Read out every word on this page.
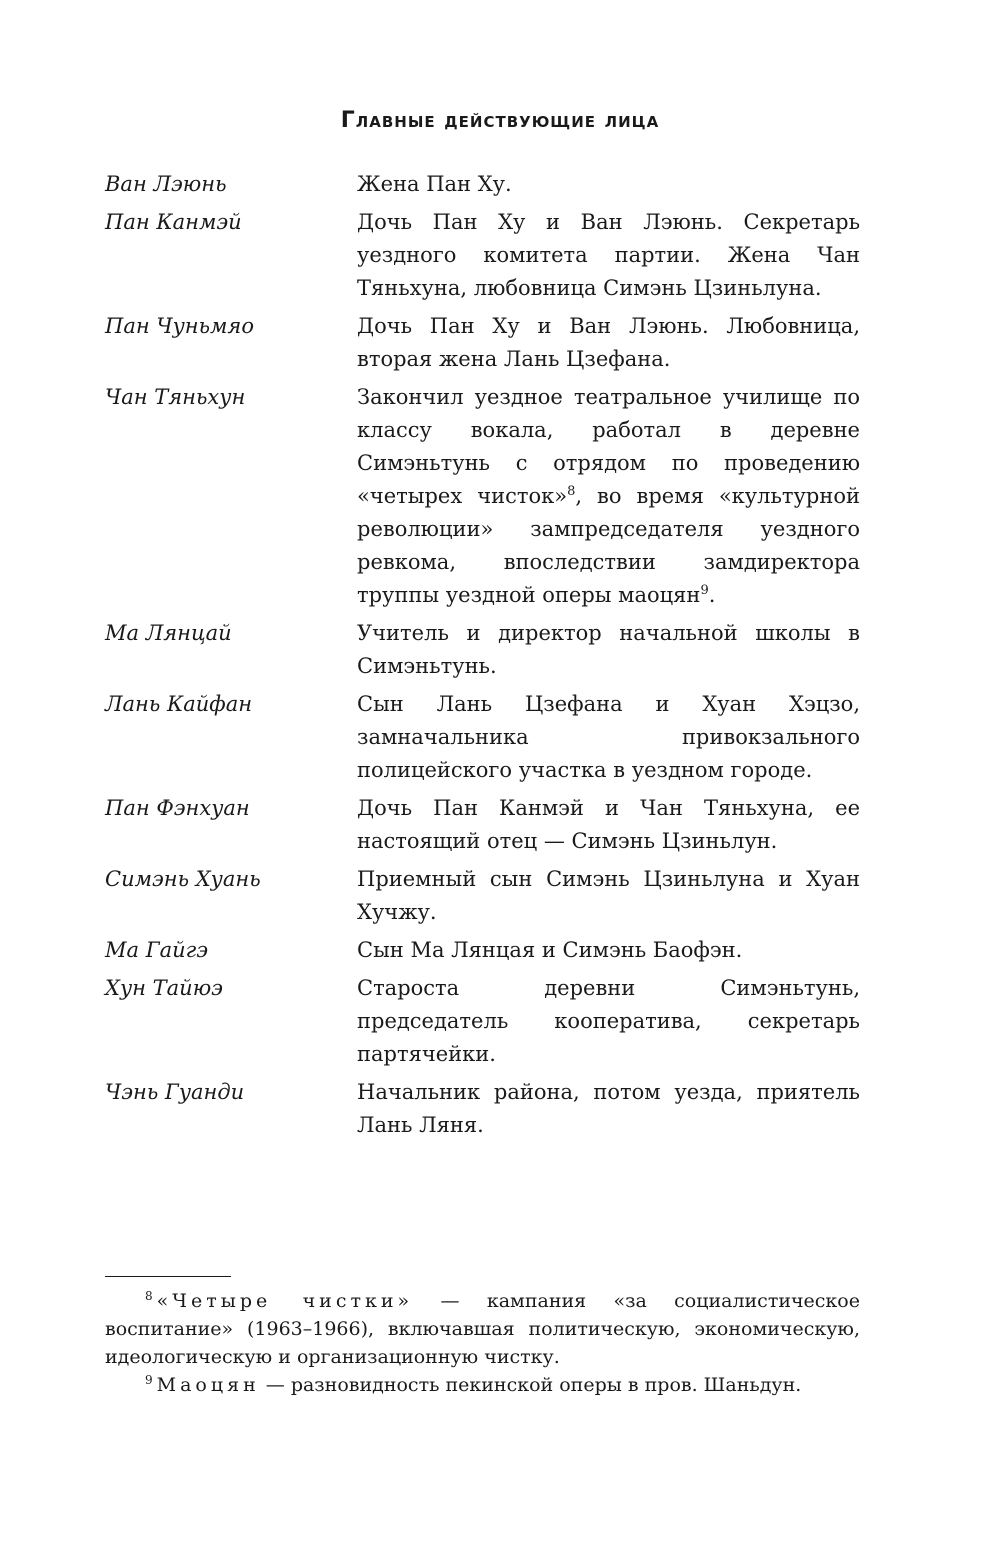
Главные действующие лица
Ван Лэюнь	Жена Пан Ху.
Пан Канмэй	Дочь Пан Ху и Ван Лэюнь. Секретарь уездного комитета партии. Жена Чан Тяньхуна, любовница Симэнь Цзиньлуна.
Пан Чуньмяо	Дочь Пан Ху и Ван Лэюнь. Любовница, вторая жена Лань Цзефана.
Чан Тяньхун	Закончил уездное театральное училище по классу вокала, работал в деревне Симэньтунь с отрядом по проведению «четырех чисток»$^8$, во время «культурной революции» зампредседателя уездного ревкома, впоследствии замдиректора труппы уездной оперы маоцян$^9$.
Ма Лянцай	Учитель и директор начальной школы в Симэньтунь.
Лань Кайфан	Сын Лань Цзефана и Хуан Хэцзо, замначальника привокзального полицейского участка в уездном городе.
Пан Фэнхуан	Дочь Пан Канмэй и Чан Тяньхуна, ее настоящий отец — Симэнь Цзиньлун.
Симэнь Хуань	Приемный сын Симэнь Цзиньлуна и Хуан Хучжу.
Ма Гайгэ	Сын Ма Лянцая и Симэнь Баофэн.
Хун Тайюэ	Староста деревни Симэньтунь, председатель кооператива, секретарь партячейки.
Чэнь Гуанди	Начальник района, потом уезда, приятель Лань Ляня.

$^8$ «Четыре чистки» — кампания «за социалистическое воспитание» (1963–1966), включавшая политическую, экономическую, идеологическую и организационную чистку.

$^9$ Маоцян — разновидность пекинской оперы в пров. Шаньдун.
